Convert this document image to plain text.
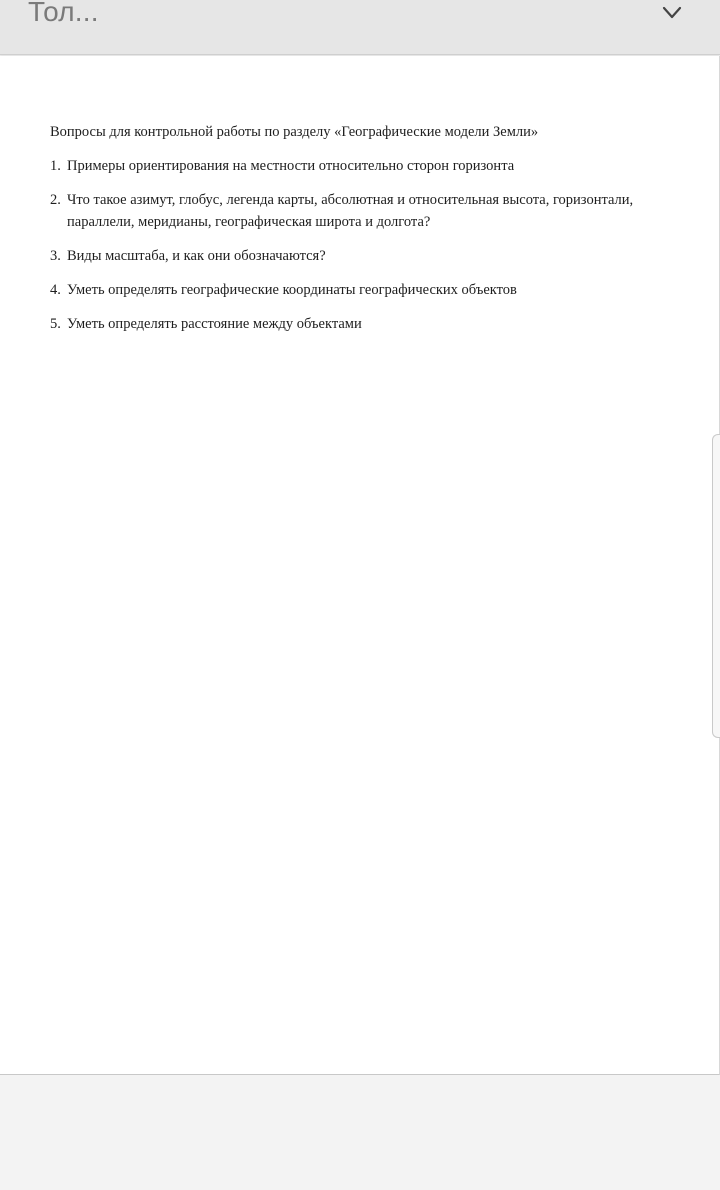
Тол...
Вопросы для контрольной работы по разделу «Географические модели Земли»
1. Примеры ориентирования на местности относительно сторон горизонта
2. Что такое азимут, глобус, легенда карты, абсолютная и относительная высота, горизонтали, параллели, меридианы, географическая широта и долгота?
3. Виды масштаба, и как они обозначаются?
4. Уметь определять географические координаты географических объектов
5. Уметь определять расстояние между объектами
